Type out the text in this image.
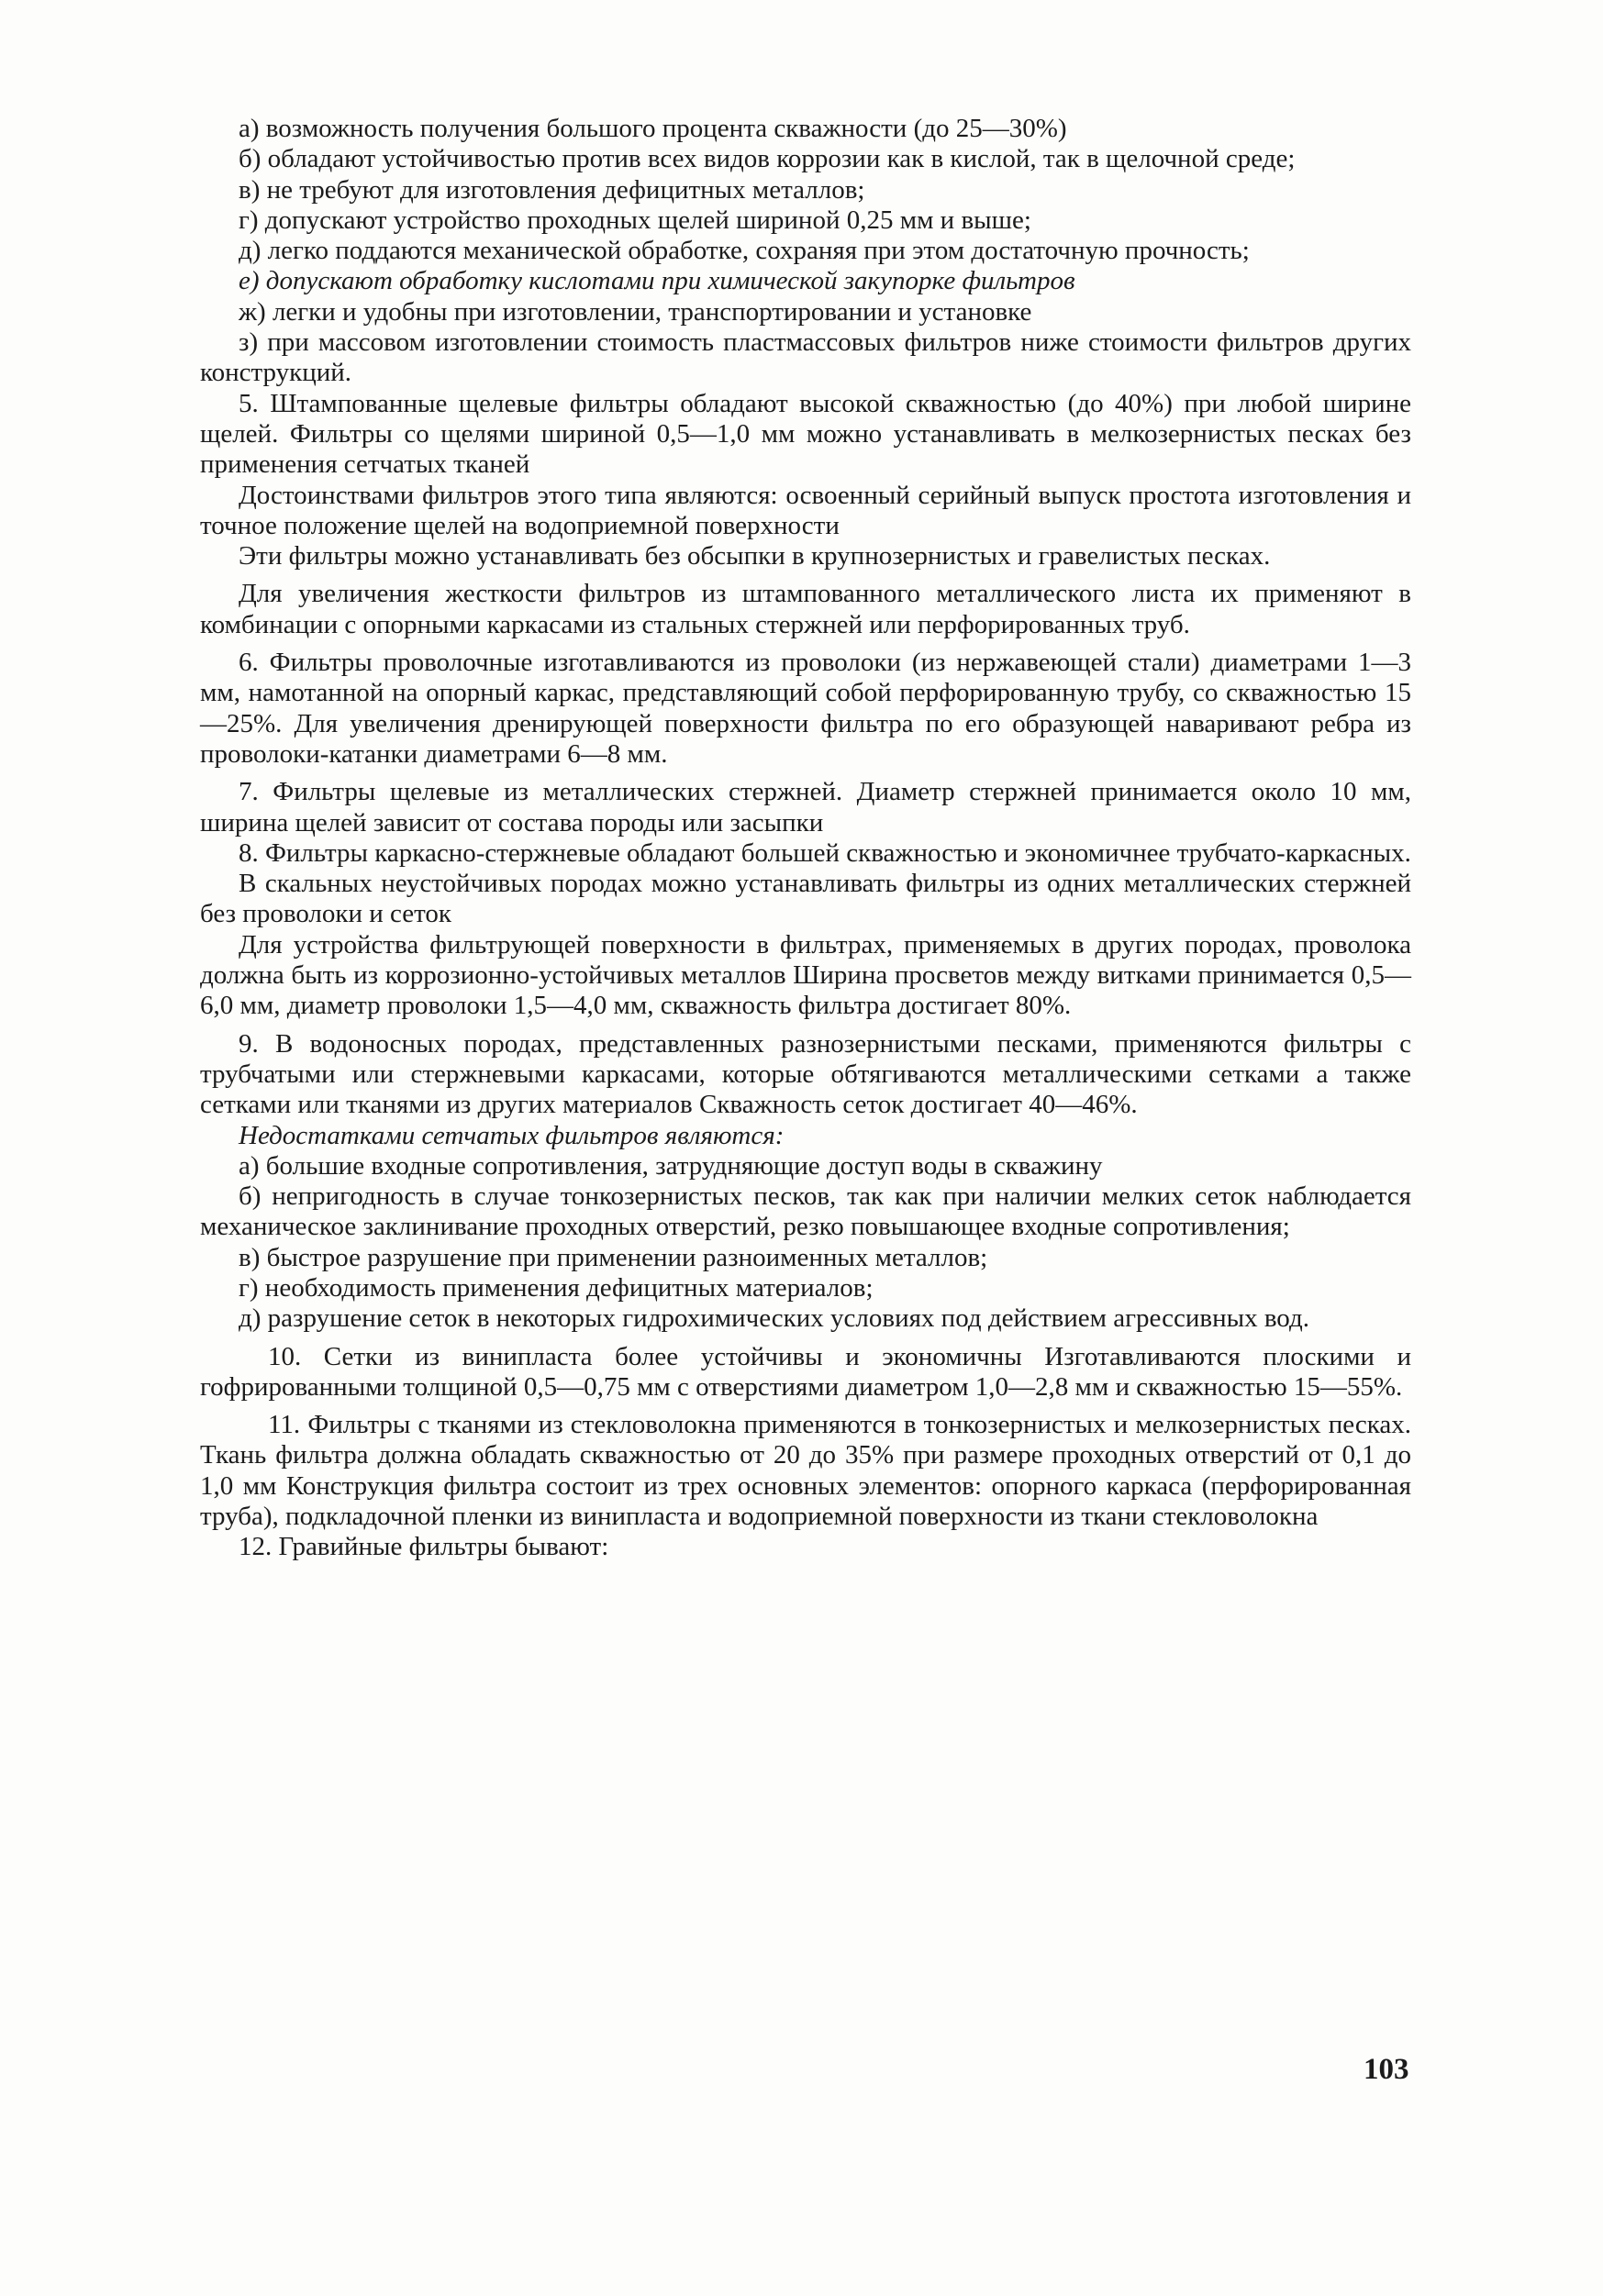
а) возможность получения большого процента скважности (до 25—30%)

б) обладают устойчивостью против всех видов коррозии как в кислой, так в щелочной среде;

в) не требуют для изготовления дефицитных металлов;

г) допускают устройство проходных щелей шириной 0,25 мм и выше;

д) легко поддаются механической обработке, сохраняя при этом достаточную прочность;

е) допускают обработку кислотами при химической закупорке фильтров

ж) легки и удобны при изготовлении, транспортировании и установке

з) при массовом изготовлении стоимость пластмассовых фильтров ниже стоимости фильтров других конструкций.

5. Штампованные щелевые фильтры обладают высокой скважностью (до 40%) при любой ширине щелей. Фильтры со щелями шириной 0,5—1,0 мм можно устанавливать в мелкозернистых песках без применения сетчатых тканей

Достоинствами фильтров этого типа являются: освоенный серийный выпуск простота изготовления и точное положение щелей на водоприемной поверхности

Эти фильтры можно устанавливать без обсыпки в крупнозернистых и гравелистых песках.

Для увеличения жесткости фильтров из штампованного металлического листа их применяют в комбинации с опорными каркасами из стальных стержней или перфорированных труб.

6. Фильтры проволочные изготавливаются из проволоки (из нержавеющей стали) диаметрами 1—3 мм, намотанной на опорный каркас, представляющий собой перфорированную трубу, со скважностью 15—25%. Для увеличения дренирующей поверхности фильтра по его образующей наваривают ребра из проволоки-катанки диаметрами 6—8 мм.

7. Фильтры щелевые из металлических стержней. Диаметр стержней принимается около 10 мм, ширина щелей зависит от состава породы или засыпки

8. Фильтры каркасно-стержневые обладают большей скважностью и экономичнее трубчато-каркасных.

В скальных неустойчивых породах можно устанавливать фильтры из одних металлических стержней без проволоки и сеток

Для устройства фильтрующей поверхности в фильтрах, применяемых в других породах, проволока должна быть из коррозионно-устойчивых металлов Ширина просветов между витками принимается 0,5—6,0 мм, диаметр проволоки 1,5—4,0 мм, скважность фильтра достигает 80%.

9. В водоносных породах, представленных разнозернистыми песками, применяются фильтры с трубчатыми или стержневыми каркасами, которые обтягиваются металлическими сетками а также сетками или тканями из других материалов Скважность сеток достигает 40—46%.

Недостатками сетчатых фильтров являются:

а) большие входные сопротивления, затрудняющие доступ воды в скважину

б) непригодность в случае тонкозернистых песков, так как при наличии мелких сеток наблюдается механическое заклинивание проходных отверстий, резко повышающее входные сопротивления;

в) быстрое разрушение при применении разноименных металлов;

г) необходимость применения дефицитных материалов;

д) разрушение сеток в некоторых гидрохимических условиях под действием агрессивных вод.

10. Сетки из винипласта более устойчивы и экономичны Изготавливаются плоскими и гофрированными толщиной 0,5—0,75 мм с отверстиями диаметром 1,0—2,8 мм и скважностью 15—55%.

11. Фильтры с тканями из стекловолокна применяются в тонкозернистых и мелкозернистых песках. Ткань фильтра должна обладать скважностью от 20 до 35% при размере проходных отверстий от 0,1 до 1,0 мм Конструкция фильтра состоит из трех основных элементов: опорного каркаса (перфорированная труба), подкладочной пленки из винипласта и водоприемной поверхности из ткани стекловолокна

12. Гравийные фильтры бывают:

103
